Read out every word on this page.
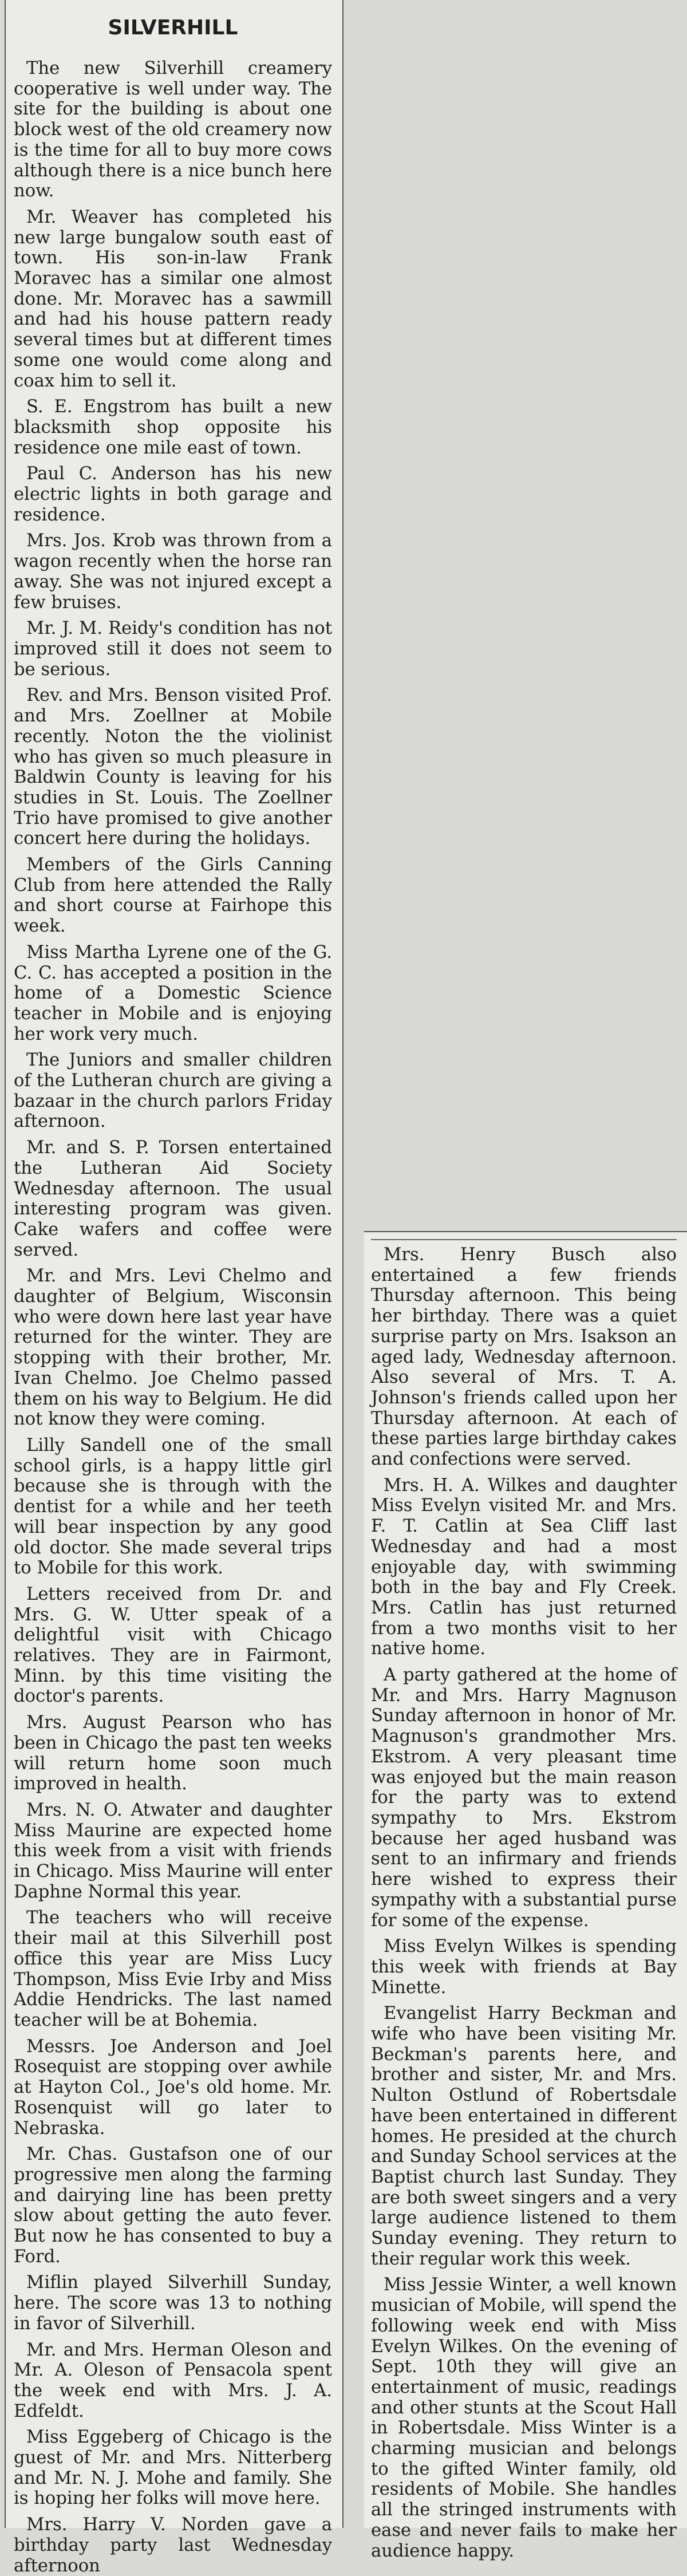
SILVERHILL

The new Silverhill creamery cooperative is well under way. The site for the building is about one block west of the old creamery now is the time for all to buy more cows although there is a nice bunch here now.

Mr. Weaver has completed his new large bungalow south east of town. His son-in-law Frank Moravec has a similar one almost done. Mr. Moravec has a sawmill and had his house pattern ready several times but at different times some one would come along and coax him to sell it.

S. E. Engstrom has built a new blacksmith shop opposite his residence one mile east of town.

Paul C. Anderson has his new electric lights in both garage and residence.

Mrs. Jos. Krob was thrown from a wagon recently when the horse ran away. She was not injured except a few bruises.

Mr. J. M. Reidy's condition has not improved still it does not seem to be serious.

Rev. and Mrs. Benson visited Prof. and Mrs. Zoellner at Mobile recently. Noton the the violinist who has given so much pleasure in Baldwin County is leaving for his studies in St. Louis. The Zoellner Trio have promised to give another concert here during the holidays.

Members of the Girls Canning Club from here attended the Rally and short course at Fairhope this week.

Miss Martha Lyrene one of the G. C. C. has accepted a position in the home of a Domestic Science teacher in Mobile and is enjoying her work very much.

The Juniors and smaller children of the Lutheran church are giving a bazaar in the church parlors Friday afternoon.

Mr. and S. P. Torsen entertained the Lutheran Aid Society Wednesday afternoon. The usual interesting program was given. Cake wafers and coffee were served.

Mr. and Mrs. Levi Chelmo and daughter of Belgium, Wisconsin who were down here last year have returned for the winter. They are stopping with their brother, Mr. Ivan Chelmo. Joe Chelmo passed them on his way to Belgium. He did not know they were coming.

Lilly Sandell one of the small school girls, is a happy little girl because she is through with the dentist for a while and her teeth will bear inspection by any good old doctor. She made several trips to Mobile for this work.

Letters received from Dr. and Mrs. G. W. Utter speak of a delightful visit with Chicago relatives. They are in Fairmont, Minn. by this time visiting the doctor's parents.

Mrs. August Pearson who has been in Chicago the past ten weeks will return home soon much improved in health.

Mrs. N. O. Atwater and daughter Miss Maurine are expected home this week from a visit with friends in Chicago. Miss Maurine will enter Daphne Normal this year.

The teachers who will receive their mail at this Silverhill post office this year are Miss Lucy Thompson, Miss Evie Irby and Miss Addie Hendricks. The last named teacher will be at Bohemia.

Messrs. Joe Anderson and Joel Rosequist are stopping over awhile at Hayton Col., Joe's old home. Mr. Rosenquist will go later to Nebraska.

Mr. Chas. Gustafson one of our progressive men along the farming and dairying line has been pretty slow about getting the auto fever. But now he has consented to buy a Ford.

Miflin played Silverhill Sunday, here. The score was 13 to nothing in favor of Silverhill.

Mr. and Mrs. Herman Oleson and Mr. A. Oleson of Pensacola spent the week end with Mrs. J. A. Edfeldt.

Miss Eggeberg of Chicago is the guest of Mr. and Mrs. Nitterberg and Mr. N. J. Mohe and family. She is hoping her folks will move here.

Mrs. Harry V. Norden gave a birthday party last Wednesday afternoon

Mrs. Henry Busch also entertained a few friends Thursday afternoon. This being her birthday. There was a quiet surprise party on Mrs. Isakson an aged lady, Wednesday afternoon. Also several of Mrs. T. A. Johnson's friends called upon her Thursday afternoon. At each of these parties large birthday cakes and confections were served.

Mrs. H. A. Wilkes and daughter Miss Evelyn visited Mr. and Mrs. F. T. Catlin at Sea Cliff last Wednesday and had a most enjoyable day, with swimming both in the bay and Fly Creek. Mrs. Catlin has just returned from a two months visit to her native home.

A party gathered at the home of Mr. and Mrs. Harry Magnuson Sunday afternoon in honor of Mr. Magnuson's grandmother Mrs. Ekstrom. A very pleasant time was enjoyed but the main reason for the party was to extend sympathy to Mrs. Ekstrom because her aged husband was sent to an infirmary and friends here wished to express their sympathy with a substantial purse for some of the expense.

Miss Evelyn Wilkes is spending this week with friends at Bay Minette.

Evangelist Harry Beckman and wife who have been visiting Mr. Beckman's parents here, and brother and sister, Mr. and Mrs. Nulton Ostlund of Robertsdale have been entertained in different homes. He presided at the church and Sunday School services at the Baptist church last Sunday. They are both sweet singers and a very large audience listened to them Sunday evening. They return to their regular work this week.

Miss Jessie Winter, a well known musician of Mobile, will spend the following week end with Miss Evelyn Wilkes. On the evening of Sept. 10th they will give an entertainment of music, readings and other stunts at the Scout Hall in Robertsdale. Miss Winter is a charming musician and belongs to the gifted Winter family, old residents of Mobile. She handles all the stringed instruments with ease and never fails to make her audience happy.
